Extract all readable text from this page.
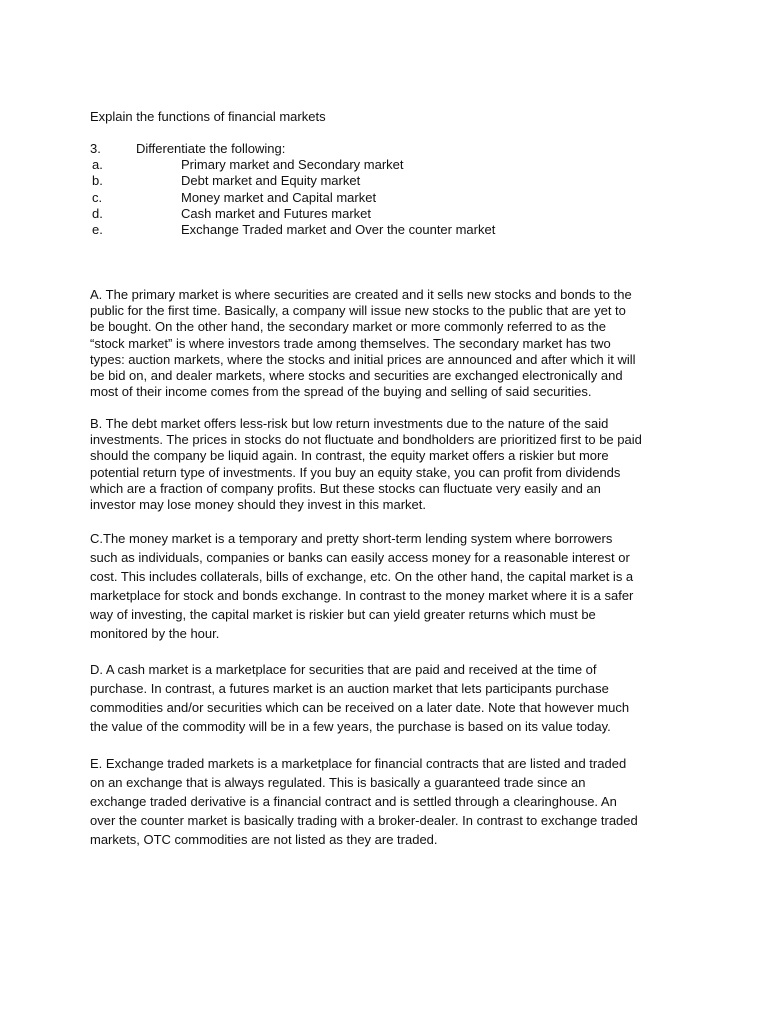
Explain the functions of financial markets
3.	Differentiate the following:
a.	Primary market and Secondary market
b.	Debt market and Equity market
c.	Money market and Capital market
d.	Cash market and Futures market
e.	Exchange Traded market and Over the counter market

A. The primary market is where securities are created and it sells new stocks and bonds to the
public for the first time. Basically, a company will issue new stocks to the public that are yet to
be bought. On the other hand, the secondary market or more commonly referred to as the
“stock market” is where investors trade among themselves. The secondary market has two
types: auction markets, where the stocks and initial prices are announced and after which it will
be bid on, and dealer markets, where stocks and securities are exchanged electronically and
most of their income comes from the spread of the buying and selling of said securities.

B. The debt market offers less-risk but low return investments due to the nature of the said
investments. The prices in stocks do not fluctuate and bondholders are prioritized first to be paid
should the company be liquid again. In contrast, the equity market offers a riskier but more
potential return type of investments. If you buy an equity stake, you can profit from dividends
which are a fraction of company profits. But these stocks can fluctuate very easily and an
investor may lose money should they invest in this market.

C.The money market is a temporary and pretty short-term lending system where borrowers
such as individuals, companies or banks can easily access money for a reasonable interest or
cost. This includes collaterals, bills of exchange, etc. On the other hand, the capital market is a
marketplace for stock and bonds exchange. In contrast to the money market where it is a safer
way of investing, the capital market is riskier but can yield greater returns which must be
monitored by the hour.

D. A cash market is a marketplace for securities that are paid and received at the time of
purchase. In contrast, a futures market is an auction market that lets participants purchase
commodities and/or securities which can be received on a later date. Note that however much
the value of the commodity will be in a few years, the purchase is based on its value today.

E. Exchange traded markets is a marketplace for financial contracts that are listed and traded
on an exchange that is always regulated. This is basically a guaranteed trade since an
exchange traded derivative is a financial contract and is settled through a clearinghouse. An
over the counter market is basically trading with a broker-dealer. In contrast to exchange traded
markets, OTC commodities are not listed as they are traded.
